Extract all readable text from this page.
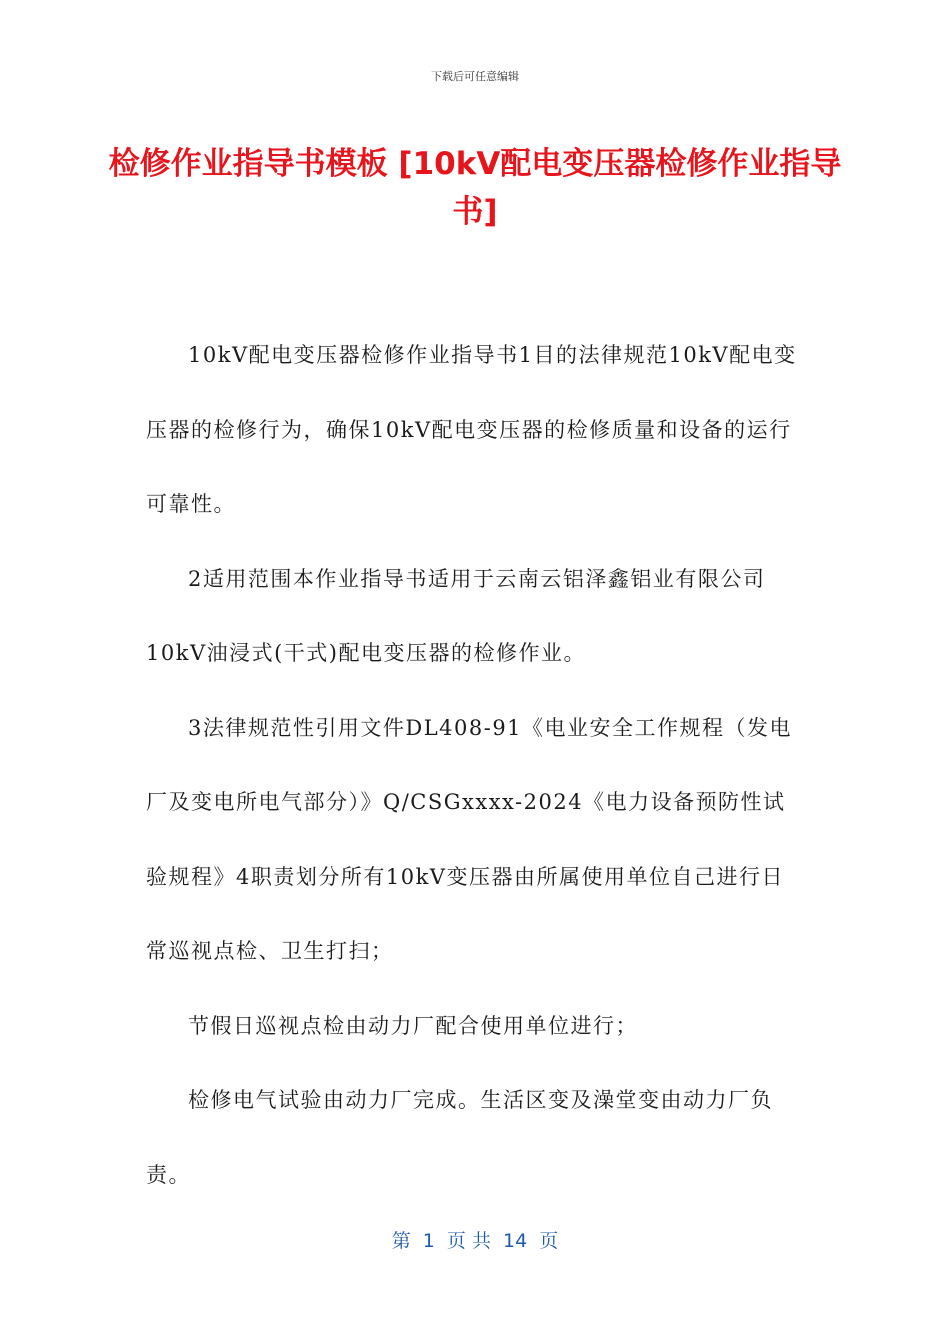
下载后可任意编辑
检修作业指导书模板 [10kV配电变压器检修作业指导书]

10kV配电变压器检修作业指导书1目的法律规范10kV配电变压器的检修行为，确保10kV配电变压器的检修质量和设备的运行可靠性。

2适用范围本作业指导书适用于云南云铝泽鑫铝业有限公司10kV油浸式(干式)配电变压器的检修作业。

3法律规范性引用文件DL408-91《电业安全工作规程（发电厂及变电所电气部分）》Q/CSGxxxx-2024《电力设备预防性试验规程》4职责划分所有10kV变压器由所属使用单位自己进行日常巡视点检、卫生打扫；

节假日巡视点检由动力厂配合使用单位进行；

检修电气试验由动力厂完成。生活区变及澡堂变由动力厂负责。

第  1  页 共  14  页
